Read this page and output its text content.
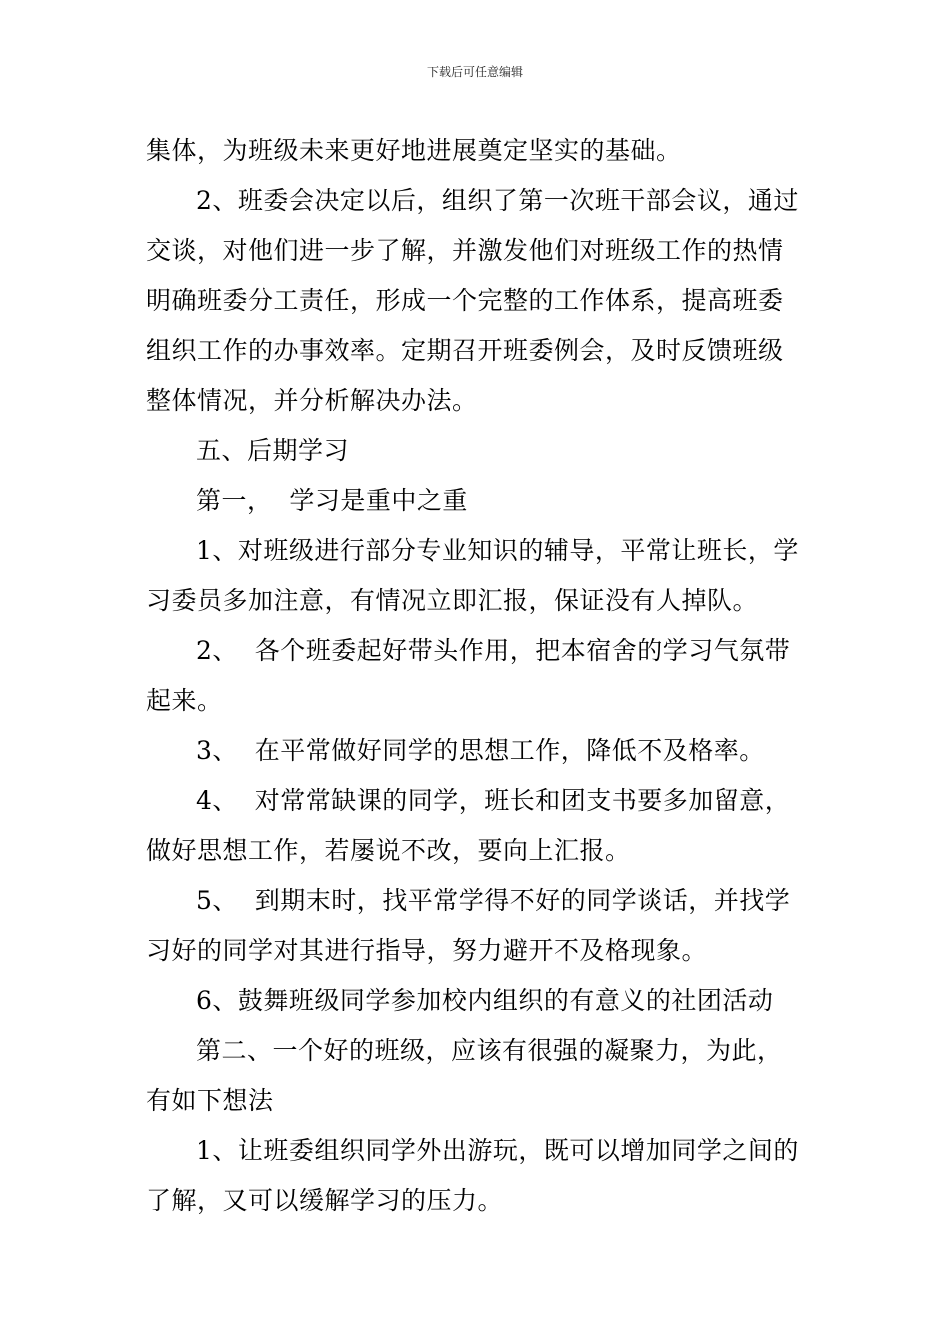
下载后可任意编辑
集体，为班级未来更好地进展奠定坚实的基础。
2、班委会决定以后，组织了第一次班干部会议，通过
交谈，对他们进一步了解，并激发他们对班级工作的热情
明确班委分工责任，形成一个完整的工作体系，提高班委
组织工作的办事效率。定期召开班委例会，及时反馈班级
整体情况，并分析解决办法。
五、后期学习
第一，  学习是重中之重
1、对班级进行部分专业知识的辅导，平常让班长，学
习委员多加注意，有情况立即汇报，保证没有人掉队。
2、  各个班委起好带头作用，把本宿舍的学习气氛带
起来。
3、  在平常做好同学的思想工作，降低不及格率。
4、  对常常缺课的同学，班长和团支书要多加留意，
做好思想工作，若屡说不改，要向上汇报。
5、  到期末时，找平常学得不好的同学谈话，并找学
习好的同学对其进行指导，努力避开不及格现象。
6、鼓舞班级同学参加校内组织的有意义的社团活动
第二、一个好的班级，应该有很强的凝聚力，为此，
有如下想法
1、让班委组织同学外出游玩，既可以增加同学之间的
了解，又可以缓解学习的压力。
